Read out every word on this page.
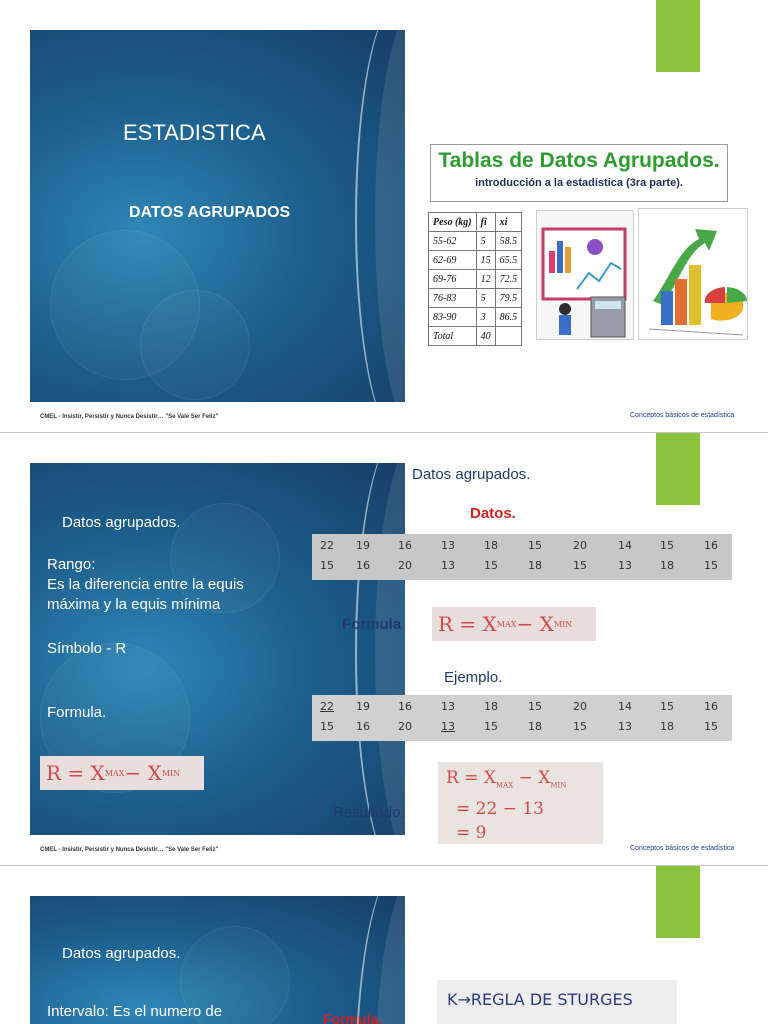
ESTADISTICA
DATOS AGRUPADOS
Tablas de Datos Agrupados.
introducción a la estadística (3ra parte).
Peso (kg)	fi	xi
55-62	5	58.5
62-69	15	65.5
69-76	12	72.5
76-83	5	79.5
83-90	3	86.5
Total	40	
CMEL - Insistir, Persistir y Nunca Desistir… "Se Vale Ser Feliz"	Conceptos básicos de estadística
Datos agrupados.
Rango:
Es la diferencia entre la equis máxima y la equis mínima
Símbolo - R
Formula.
R = X MAX − X MIN
Datos agrupados.
Datos.
22	19	16	13	18	15	20	14	15	16
15	16	20	13	15	18	15	13	18	15
Formula R = X MAX − X MIN
Ejemplo.
22	19	16	13	18	15	20	14	15	16
15	16	20	13	15	18	15	13	18	15
$R = X_{MAX} - X_{MIN}$
= 22 − 13
= 9
Resultado.
CMEL - Insistir, Persistir y Nunca Desistir… "Se Vale Ser Feliz"	Conceptos básicos de estadística
Datos agrupados.
Intervalo: Es el numero de	Formula.
K→REGLA DE STURGES
